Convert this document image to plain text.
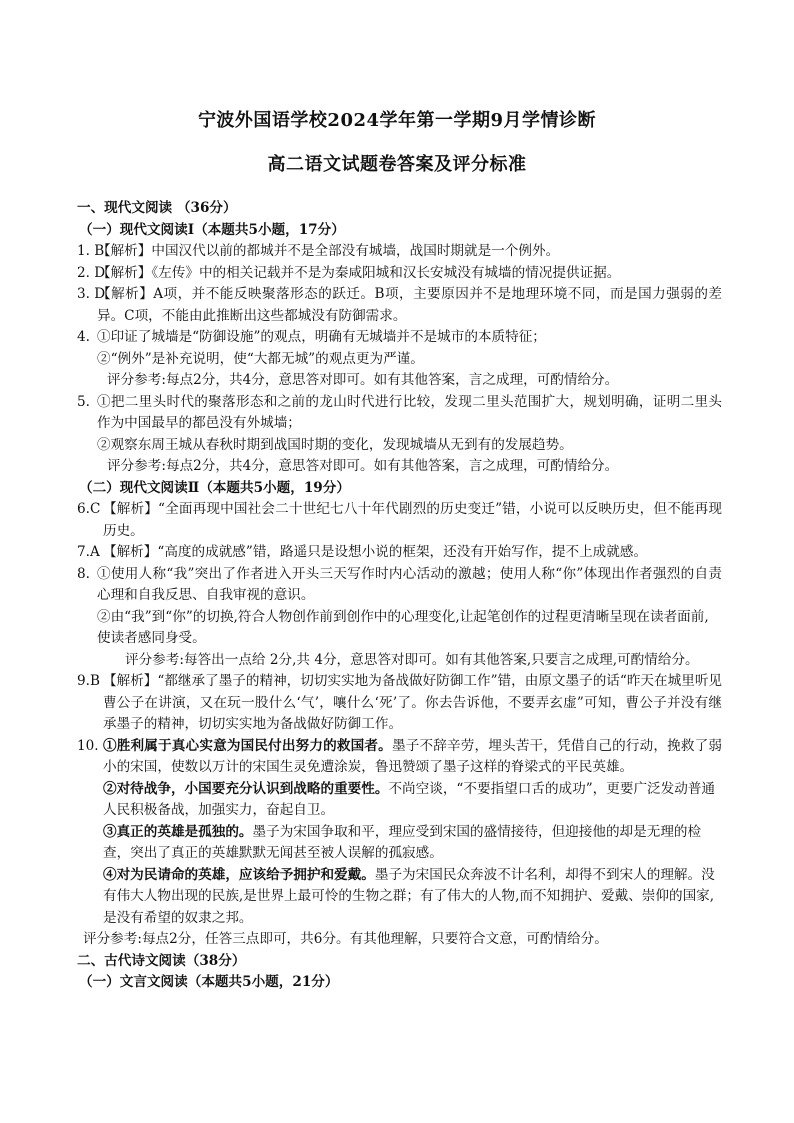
宁波外国语学校2024学年第一学期9月学情诊断
高二语文试题卷答案及评分标准
一、现代文阅读 （36分）
（一）现代文阅读Ⅰ（本题共5小题，17分）
1. B
【解析】中国汉代以前的都城并不是全部没有城墙，战国时期就是一个例外。
2. D
【解析】《左传》中的相关记载并不是为秦咸阳城和汉长安城没有城墙的情况提供证据。
3. D
【解析】A项，并不能反映聚落形态的跃迁。B项，主要原因并不是地理环境不同，而是国力强弱的差异。C项，不能由此推断出这些都城没有防御需求。
4. ①印证了城墙是“防御设施”的观点，明确有无城墙并不是城市的本质特征；
②“例外”是补充说明，使“大都无城”的观点更为严谨。
评分参考:每点2分，共4分，意思答对即可。如有其他答案，言之成理，可酌情给分。
5. ①把二里头时代的聚落形态和之前的龙山时代进行比较，发现二里头范围扩大，规划明确，证明二里头作为中国最早的都邑没有外城墙；
②观察东周王城从春秋时期到战国时期的变化，发现城墙从无到有的发展趋势。
评分参考:每点2分，共4分，意思答对即可。如有其他答案，言之成理，可酌情给分。
（二）现代文阅读Ⅱ（本题共5小题，19分）
6.C 【解析】“全面再现中国社会二十世纪七八十年代剧烈的历史变迁”错，小说可以反映历史，但不能再现历史。
7.A 【解析】“高度的成就感”错，路遥只是设想小说的框架，还没有开始写作，提不上成就感。
8. ①使用人称“我”突出了作者进入开头三天写作时内心活动的激越；使用人称“你”体现出作者强烈的自责心理和自我反思、自我审视的意识。
②由“我”到“你”的切换,符合人物创作前到创作中的心理变化,让起笔创作的过程更清晰呈现在读者面前,使读者感同身受。
评分参考:每答出一点给 2分,共 4分，意思答对即可。如有其他答案,只要言之成理,可酌情给分。
9.B 【解析】“都继承了墨子的精神，切切实实地为备战做好防御工作”错，由原文墨子的话“昨天在城里听见曹公子在讲演，又在玩一股什么‘气’，嚷什么‘死’了。你去告诉他，不要弄玄虚”可知，曹公子并没有继承墨子的精神，切切实实地为备战做好防御工作。
10. ①胜利属于真心实意为国民付出努力的救国者。墨子不辞辛劳，埋头苦干，凭借自己的行动，挽救了弱小的宋国，使数以万计的宋国生灵免遭涂炭，鲁迅赞颂了墨子这样的脊梁式的平民英雄。
②对待战争，小国要充分认识到战略的重要性。不尚空谈，“不要指望口舌的成功”，更要广泛发动普通人民积极备战，加强实力，奋起自卫。
③真正的英雄是孤独的。墨子为宋国争取和平，理应受到宋国的盛情接待，但迎接他的却是无理的检查，突出了真正的英雄默默无闻甚至被人误解的孤寂感。
④对为民请命的英雄，应该给予拥护和爱戴。墨子为宋国民众奔波不计名利，却得不到宋人的理解。没有伟大人物出现的民族,是世界上最可怜的生物之群；有了伟大的人物,而不知拥护、爱戴、崇仰的国家,是没有希望的奴隶之邦。
评分参考:每点2分，任答三点即可，共6分。有其他理解，只要符合文意，可酌情给分。
二、古代诗文阅读（38分）
（一）文言文阅读（本题共5小题，21分）
